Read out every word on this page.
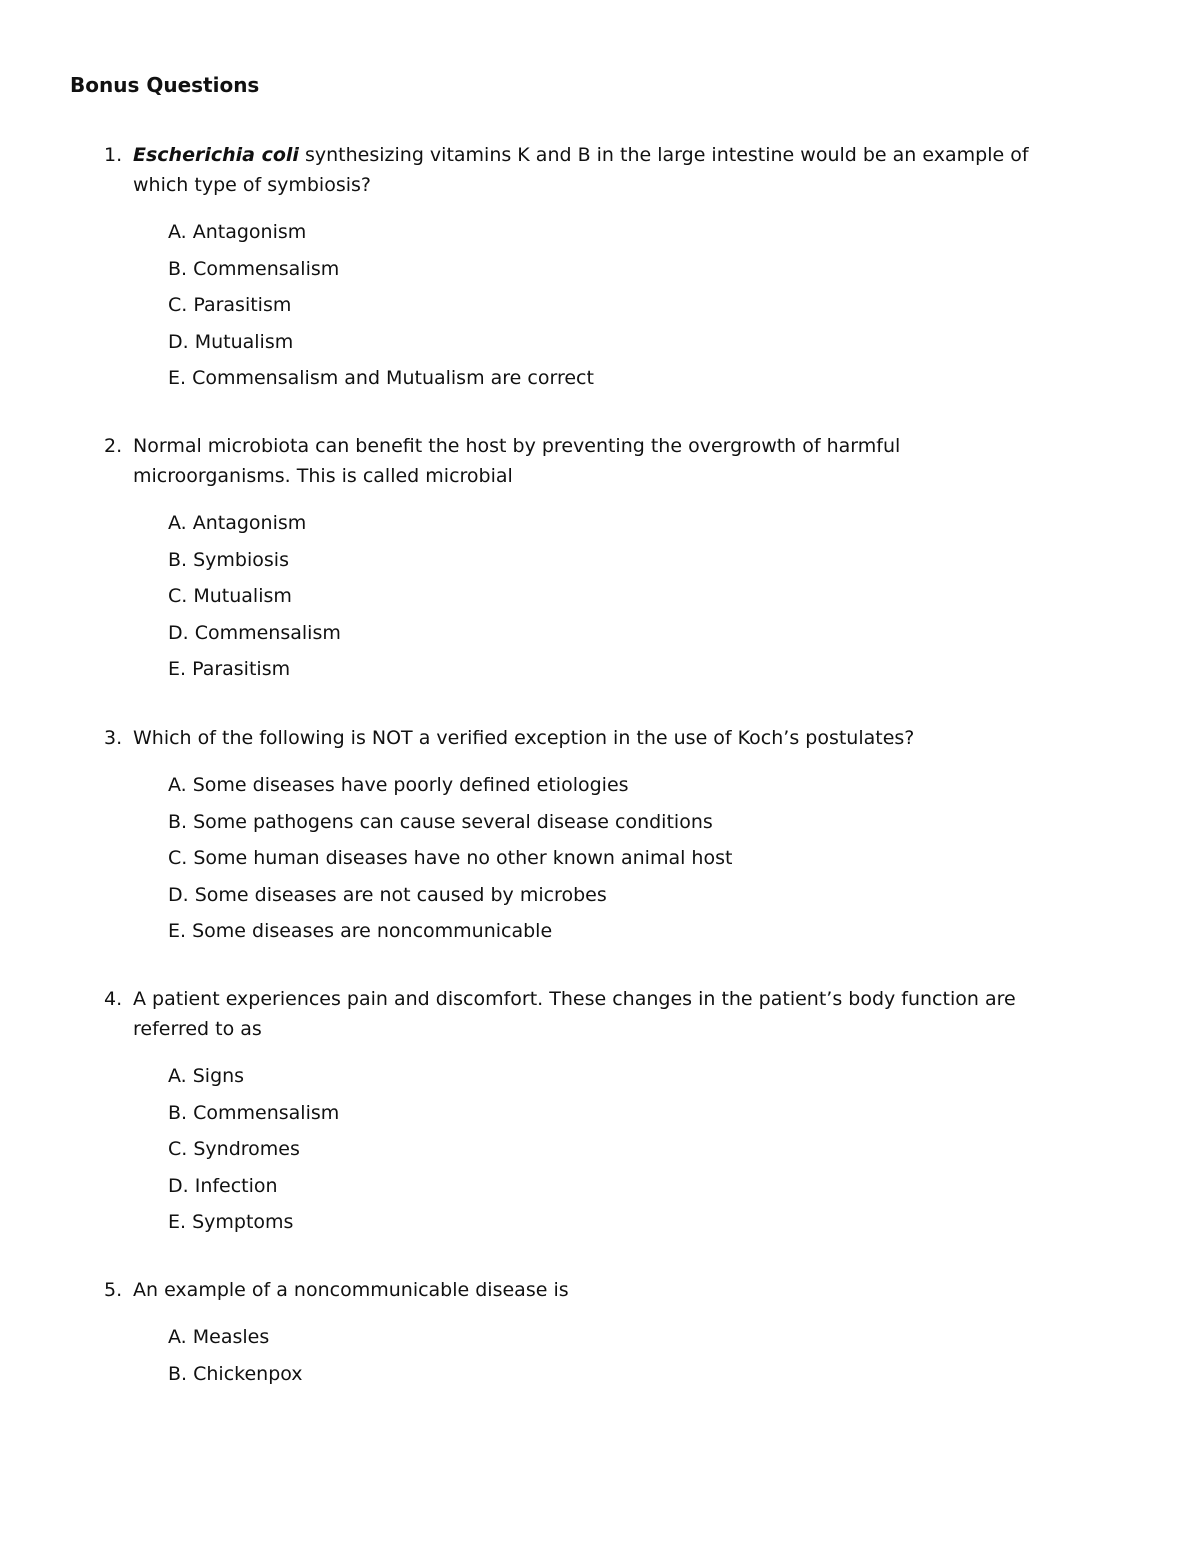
Bonus Questions
1. Escherichia coli synthesizing vitamins K and B in the large intestine would be an example of which type of symbiosis?
A. Antagonism
B. Commensalism
C. Parasitism
D. Mutualism
E. Commensalism and Mutualism are correct
2. Normal microbiota can benefit the host by preventing the overgrowth of harmful microorganisms. This is called microbial
A. Antagonism
B. Symbiosis
C. Mutualism
D. Commensalism
E. Parasitism
3. Which of the following is NOT a verified exception in the use of Koch’s postulates?
A. Some diseases have poorly defined etiologies
B. Some pathogens can cause several disease conditions
C. Some human diseases have no other known animal host
D. Some diseases are not caused by microbes
E. Some diseases are noncommunicable
4. A patient experiences pain and discomfort. These changes in the patient’s body function are referred to as
A. Signs
B. Commensalism
C. Syndromes
D. Infection
E. Symptoms
5. An example of a noncommunicable disease is
A. Measles
B. Chickenpox
